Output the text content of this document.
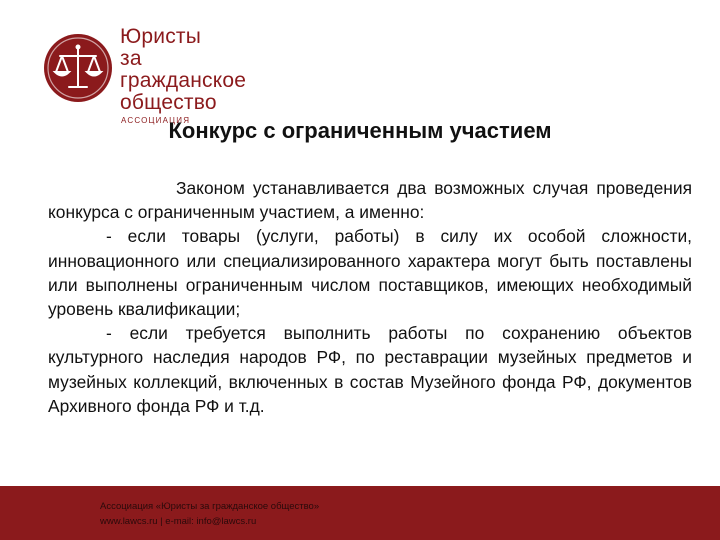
Юристы
за гражданское
общество
АССОЦИАЦИЯ
Конкурс с ограниченным участием

Законом устанавливается два возможных случая проведения конкурса с ограниченным участием, а именно:

- если товары (услуги, работы) в силу их особой сложности, инновационного или специализированного характера могут быть поставлены или выполнены ограниченным числом поставщиков, имеющих необходимый уровень квалификации;

- если требуется выполнить работы по сохранению объектов культурного наследия народов РФ, по реставрации музейных предметов и музейных коллекций, включенных в состав Музейного фонда РФ, документов Архивного фонда РФ и т.д.

Ассоциация «Юристы за гражданское общество»
www.lawcs.ru | e-mail: info@lawcs.ru
